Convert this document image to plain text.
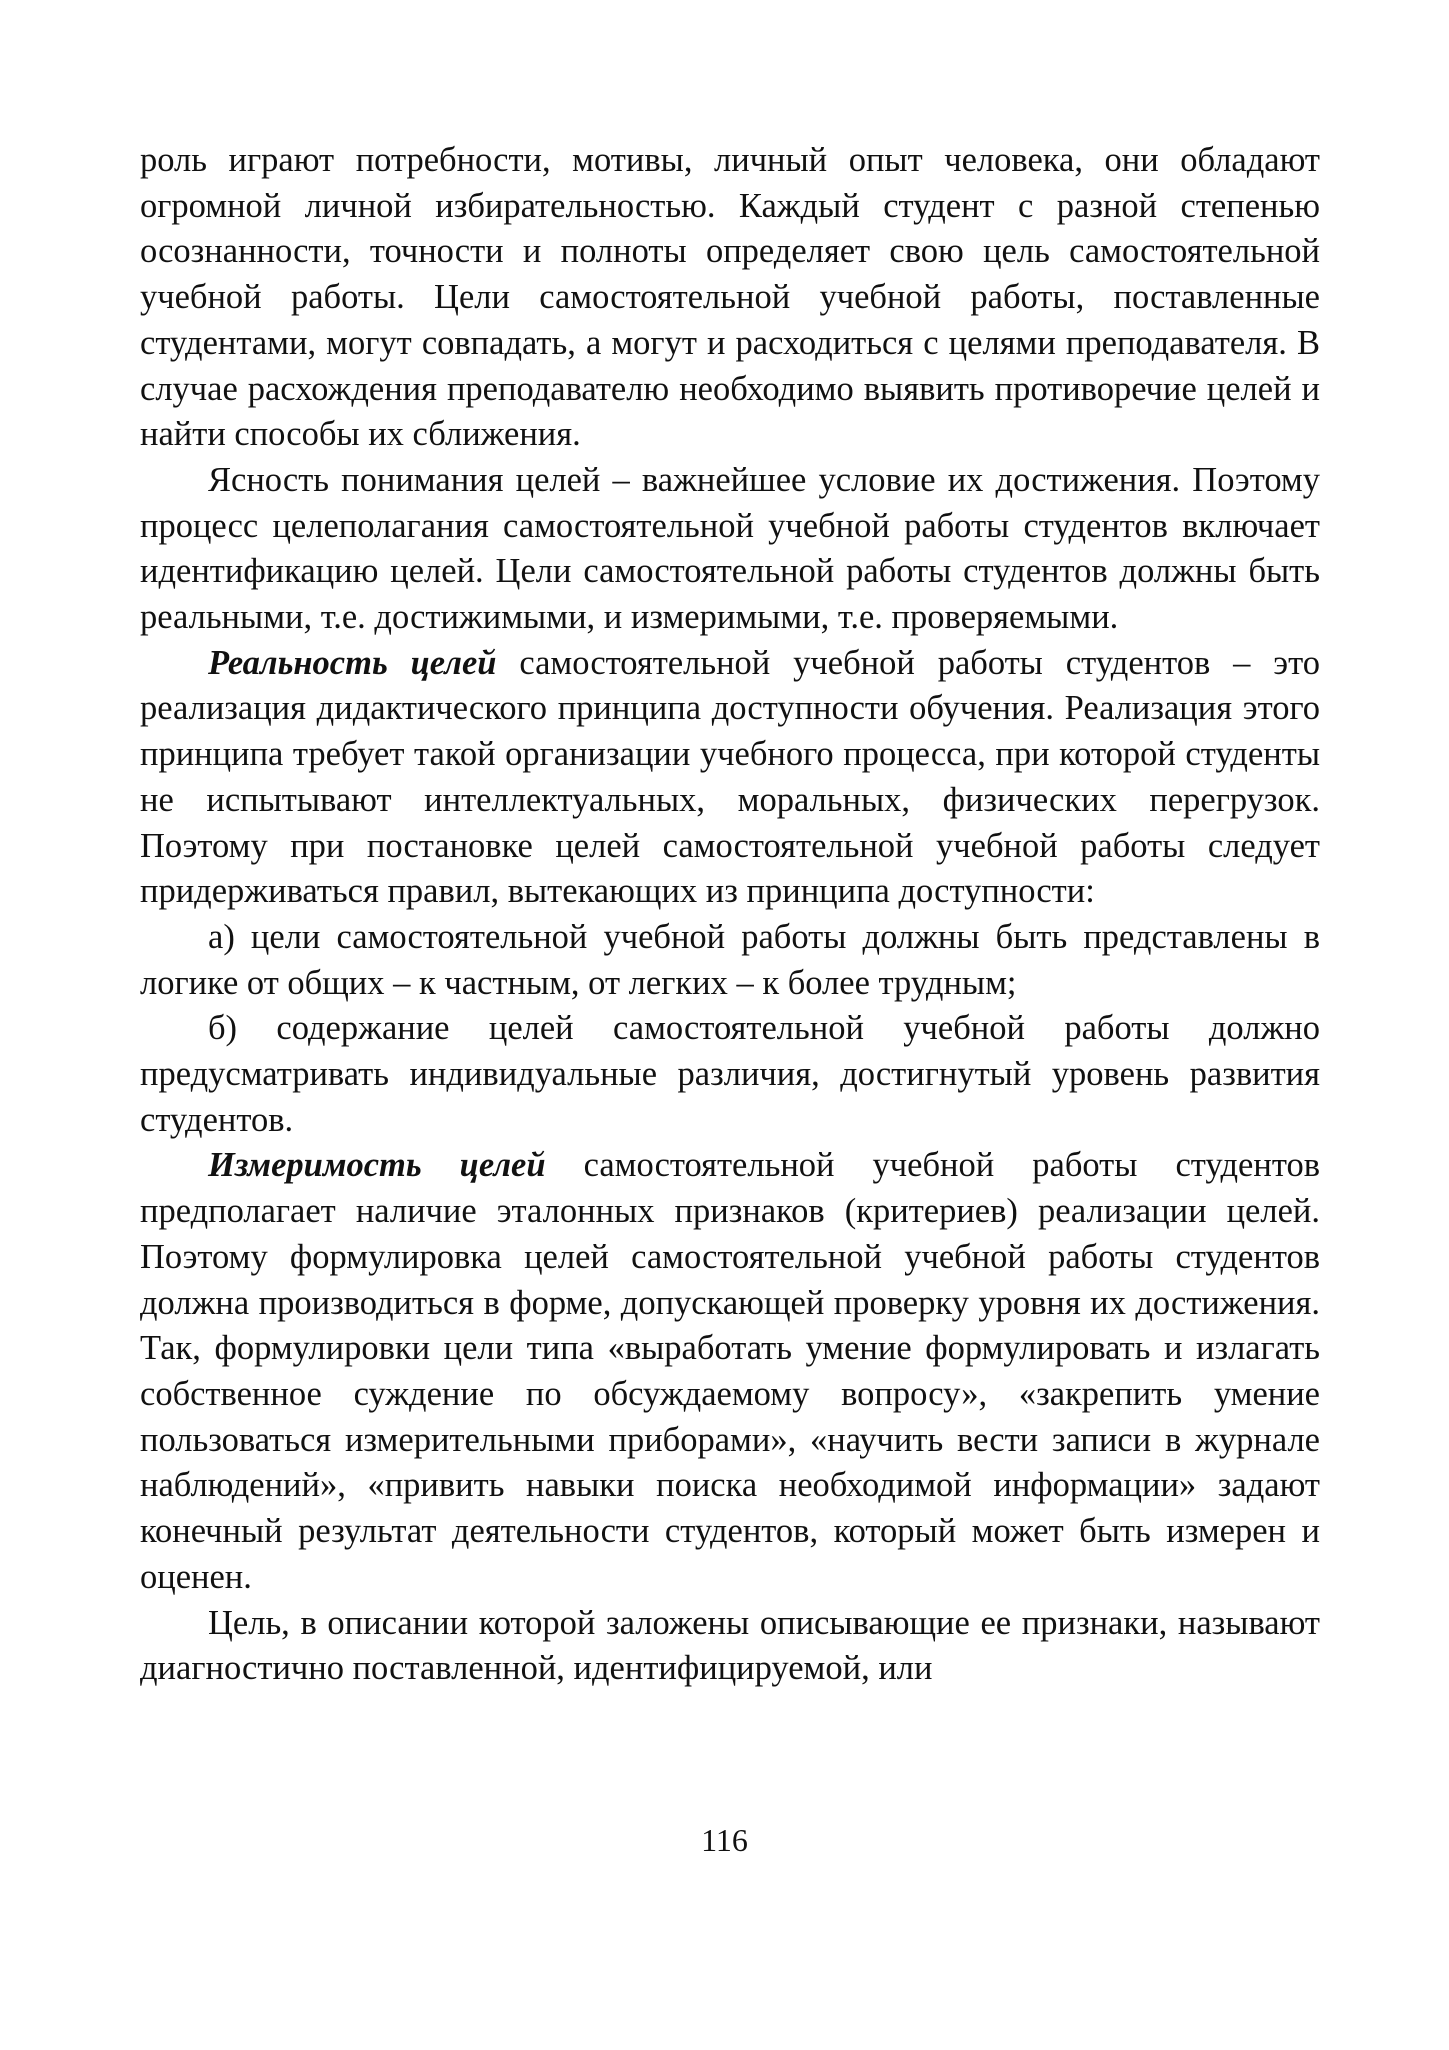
роль играют потребности, мотивы, личный опыт человека, они обладают огромной личной избирательностью. Каждый студент с разной степенью осознанности, точности и полноты определяет свою цель самостоятельной учебной работы. Цели самостоятельной учебной работы, поставленные студентами, могут совпадать, а могут и расходиться с целями преподавателя. В случае расхождения преподавателю необходимо выявить противоречие целей и найти способы их сближения.

Ясность понимания целей – важнейшее условие их достижения. Поэтому процесс целеполагания самостоятельной учебной работы студентов включает идентификацию целей. Цели самостоятельной работы студентов должны быть реальными, т.е. достижимыми, и измеримыми, т.е. проверяемыми.

Реальность целей самостоятельной учебной работы студентов – это реализация дидактического принципа доступности обучения. Реализация этого принципа требует такой организации учебного процесса, при которой студенты не испытывают интеллектуальных, моральных, физических перегрузок. Поэтому при постановке целей самостоятельной учебной работы следует придерживаться правил, вытекающих из принципа доступности:

а) цели самостоятельной учебной работы должны быть представлены в логике от общих – к частным, от легких – к более трудным;

б) содержание целей самостоятельной учебной работы должно предусматривать индивидуальные различия, достигнутый уровень развития студентов.

Измеримость целей самостоятельной учебной работы студентов предполагает наличие эталонных признаков (критериев) реализации целей. Поэтому формулировка целей самостоятельной учебной работы студентов должна производиться в форме, допускающей проверку уровня их достижения. Так, формулировки цели типа «выработать умение формулировать и излагать собственное суждение по обсуждаемому вопросу», «закрепить умение пользоваться измерительными приборами», «научить вести записи в журнале наблюдений», «привить навыки поиска необходимой информации» задают конечный результат деятельности студентов, который может быть измерен и оценен.

Цель, в описании которой заложены описывающие ее признаки, называют диагностично поставленной, идентифицируемой, или

116
